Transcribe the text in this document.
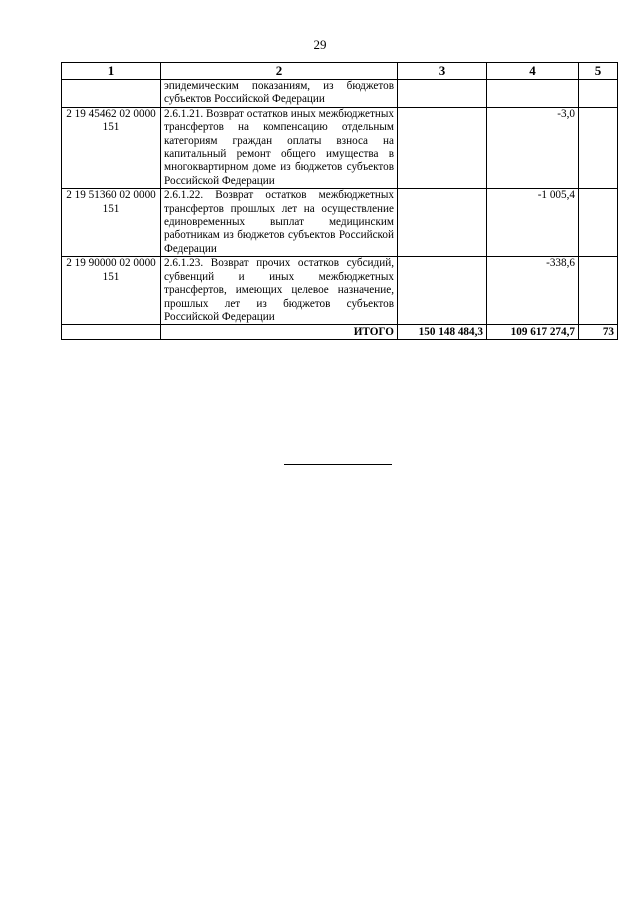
29
1	2	3	4	5
	эпидемическим показаниям, из бюджетов субъектов Российской Федерации			
2 19 45462 02 0000 151	2.6.1.21. Возврат остатков иных межбюджетных трансфертов на компенсацию отдельным категориям граждан оплаты взноса на капитальный ремонт общего имущества в многоквартирном доме из бюджетов субъектов Российской Федерации		-3,0	
2 19 51360 02 0000 151	2.6.1.22. Возврат остатков межбюджетных трансфертов прошлых лет на осуществление единовременных выплат медицинским работникам из бюджетов субъектов Российской Федерации		-1 005,4	
2 19 90000 02 0000 151	2.6.1.23. Возврат прочих остатков субсидий, субвенций и иных межбюджетных трансфертов, имеющих целевое назначение, прошлых лет из бюджетов субъектов Российской Федерации		-338,6	
	ИТОГО	150 148 484,3	109 617 274,7	73
